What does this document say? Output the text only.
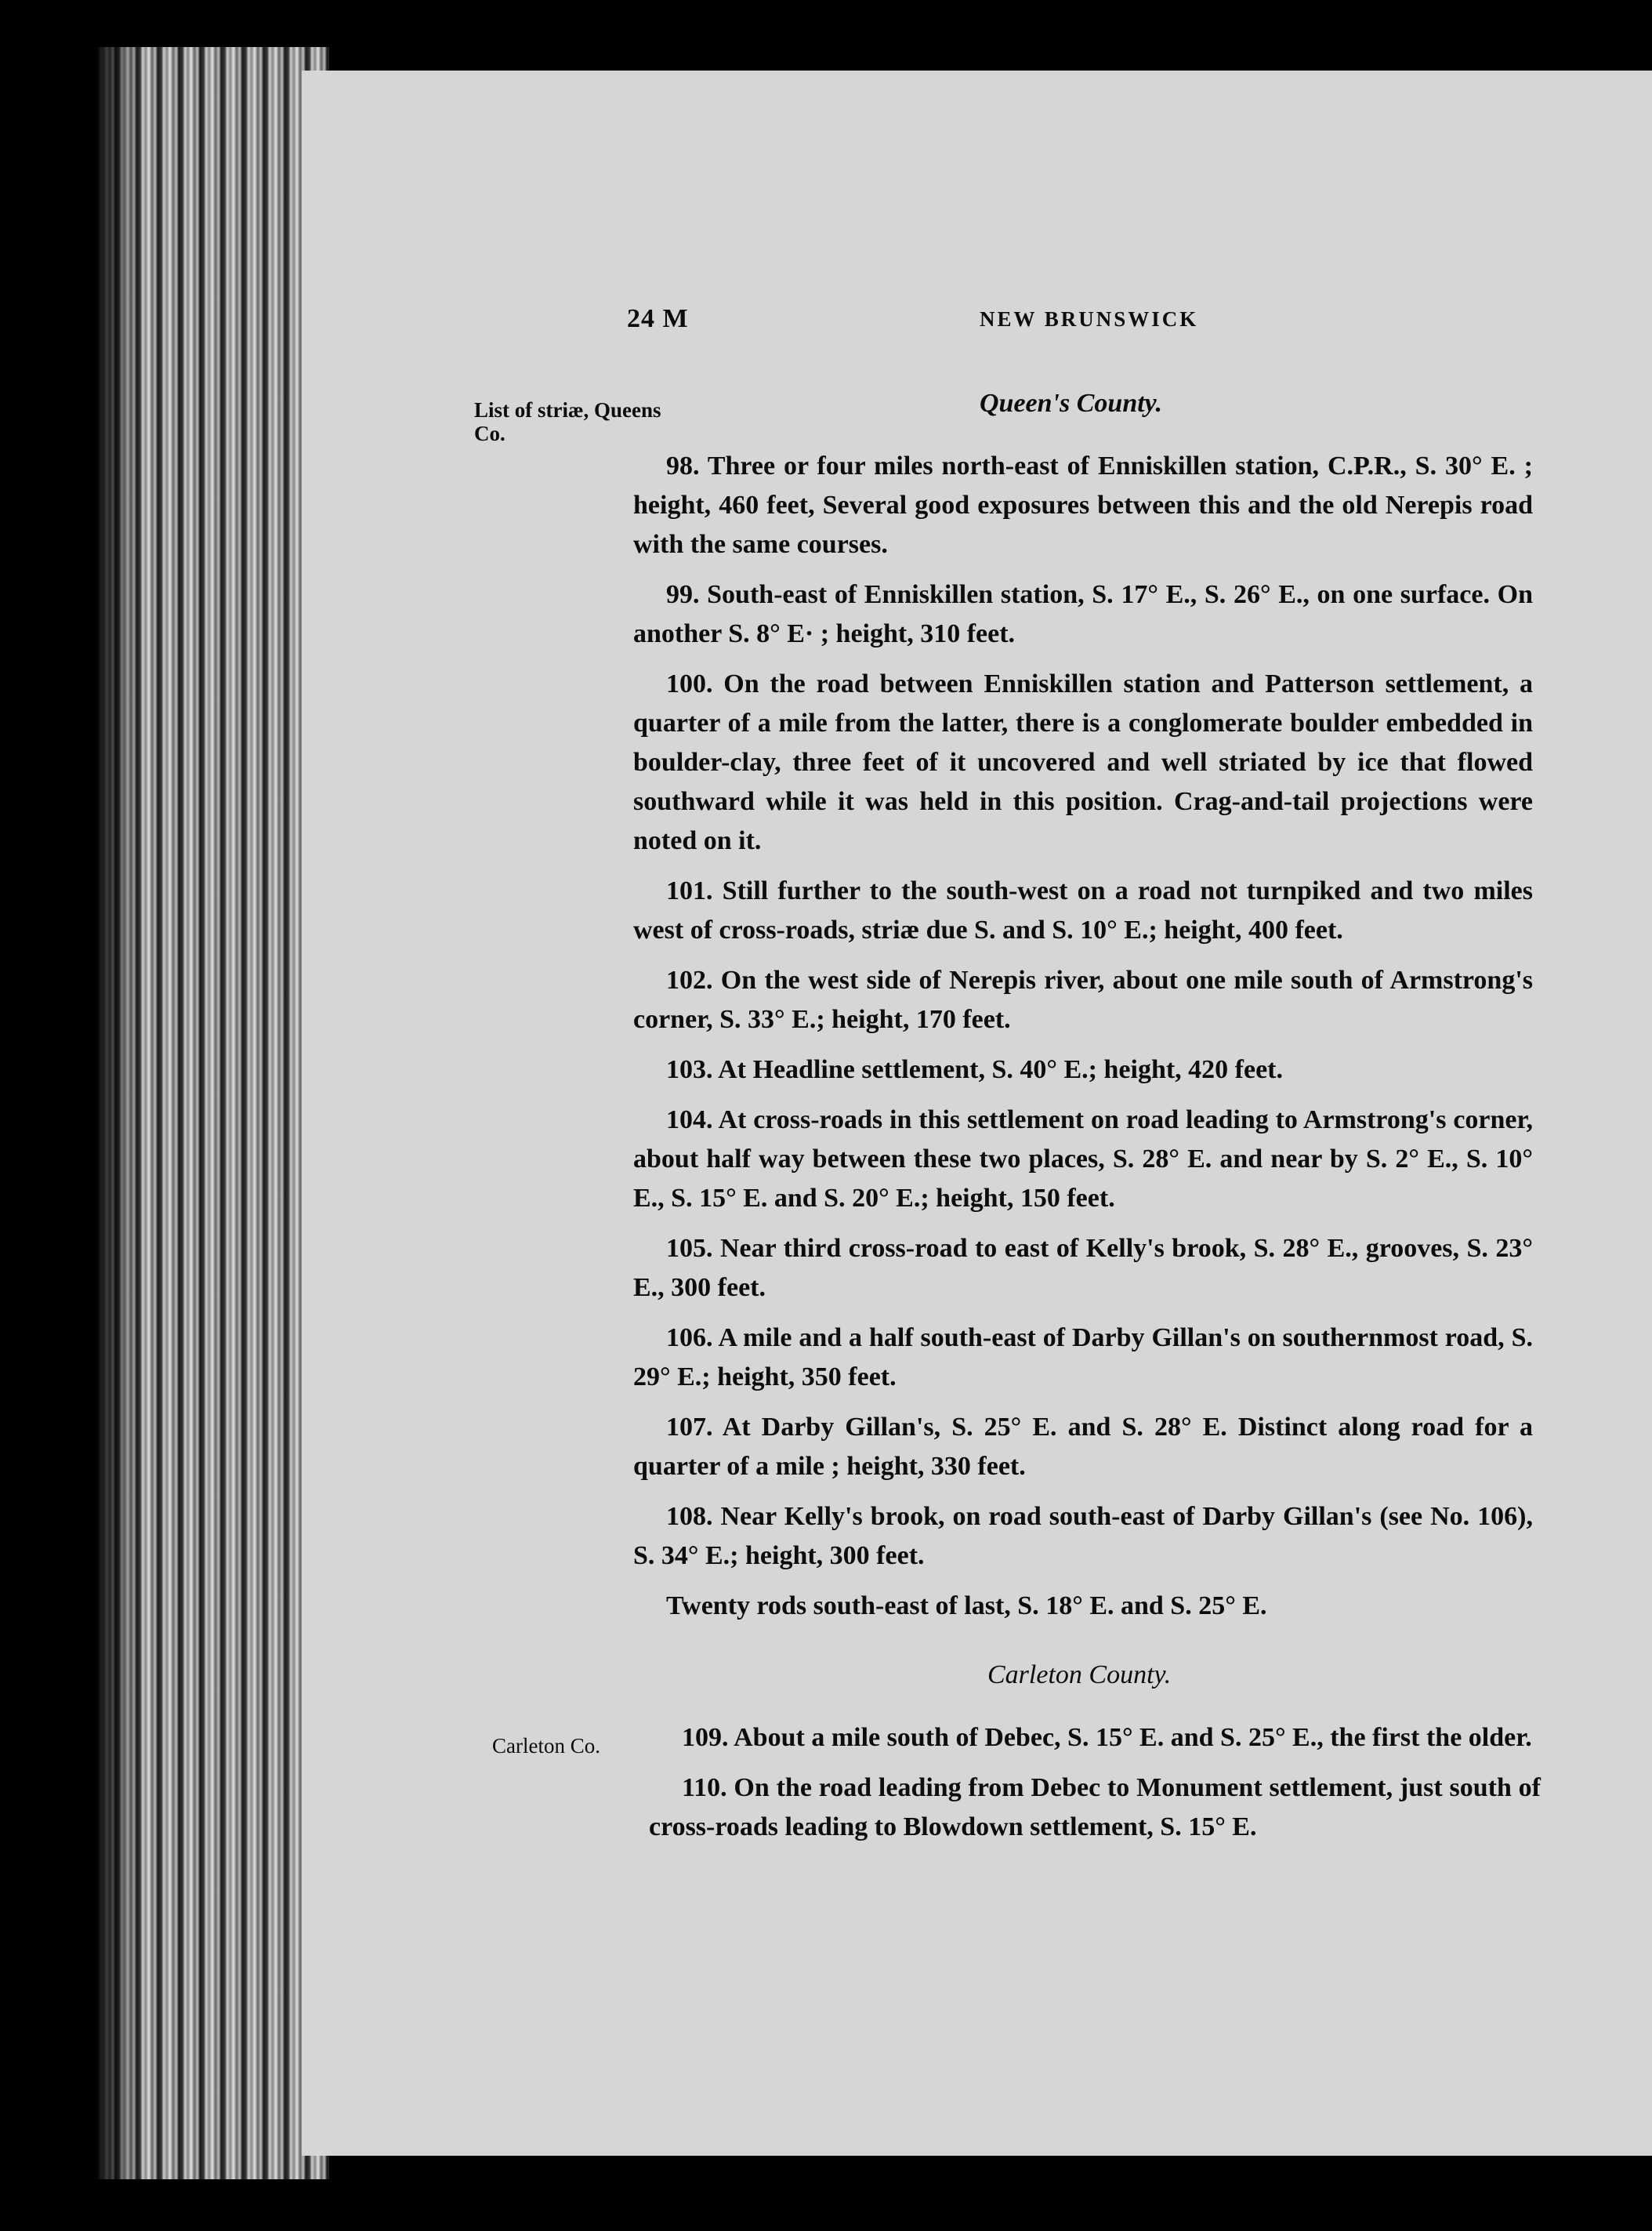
24 M	NEW BRUNSWICK
List of striæ, Queens Co.
Queen's County.

98. Three or four miles north-east of Enniskillen station, C.P.R., S. 30° E. ; height, 460 feet, Several good exposures between this and the old Nerepis road with the same courses.

99. South-east of Enniskillen station, S. 17° E., S. 26° E., on one surface. On another S. 8° E· ; height, 310 feet.

100. On the road between Enniskillen station and Patterson settlement, a quarter of a mile from the latter, there is a conglomerate boulder embedded in boulder-clay, three feet of it uncovered and well striated by ice that flowed southward while it was held in this position. Crag-and-tail projections were noted on it.

101. Still further to the south-west on a road not turnpiked and two miles west of cross-roads, striæ due S. and S. 10° E.; height, 400 feet.

102. On the west side of Nerepis river, about one mile south of Armstrong's corner, S. 33° E.; height, 170 feet.

103. At Headline settlement, S. 40° E.; height, 420 feet.

104. At cross-roads in this settlement on road leading to Armstrong's corner, about half way between these two places, S. 28° E. and near by S. 2° E., S. 10° E., S. 15° E. and S. 20° E.; height, 150 feet.

105. Near third cross-road to east of Kelly's brook, S. 28° E., grooves, S. 23° E., 300 feet.

106. A mile and a half south-east of Darby Gillan's on southernmost road, S. 29° E.; height, 350 feet.

107. At Darby Gillan's, S. 25° E. and S. 28° E. Distinct along road for a quarter of a mile ; height, 330 feet.

108. Near Kelly's brook, on road south-east of Darby Gillan's (see No. 106), S. 34° E.; height, 300 feet.

Twenty rods south-east of last, S. 18° E. and S. 25° E.

Carleton County.
Carleton Co.	109. About a mile south of Debec, S. 15° E. and S. 25° E., the first the older.

110. On the road leading from Debec to Monument settlement, just south of cross-roads leading to Blowdown settlement, S. 15° E.
